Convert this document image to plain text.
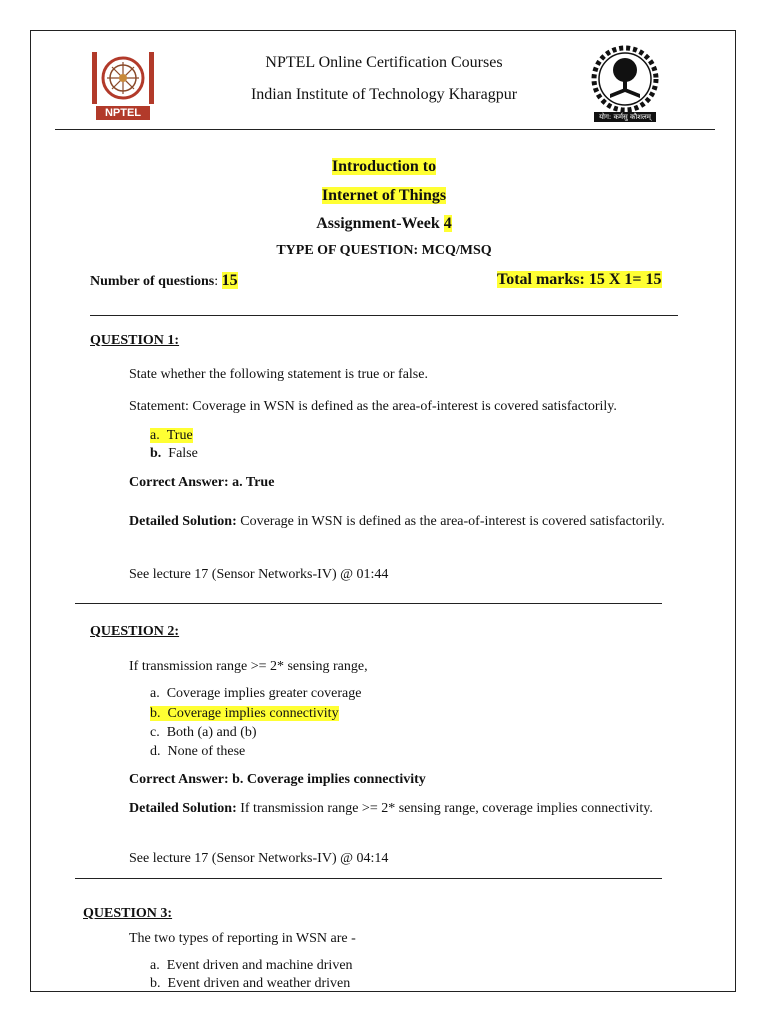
NPTEL	योग: कर्मसु कौशलम्
NPTEL Online Certification Courses
Indian Institute of Technology Kharagpur
Introduction to
Internet of Things
Assignment-Week 4
TYPE OF QUESTION: MCQ/MSQ
Number of questions: 15	Total marks: 15 X 1= 15
QUESTION 1:
State whether the following statement is true or false.
Statement: Coverage in WSN is defined as the area-of-interest is covered satisfactorily.
a. True
b. False
Correct Answer: a. True
Detailed Solution: Coverage in WSN is defined as the area-of-interest is covered satisfactorily.
See lecture 17 (Sensor Networks-IV) @ 01:44
QUESTION 2:
If transmission range >= 2* sensing range,
a. Coverage implies greater coverage
b. Coverage implies connectivity
c. Both (a) and (b)
d. None of these
Correct Answer: b. Coverage implies connectivity
Detailed Solution: If transmission range >= 2* sensing range, coverage implies connectivity.
See lecture 17 (Sensor Networks-IV) @ 04:14
QUESTION 3:
The two types of reporting in WSN are -
a. Event driven and machine driven
b. Event driven and weather driven
